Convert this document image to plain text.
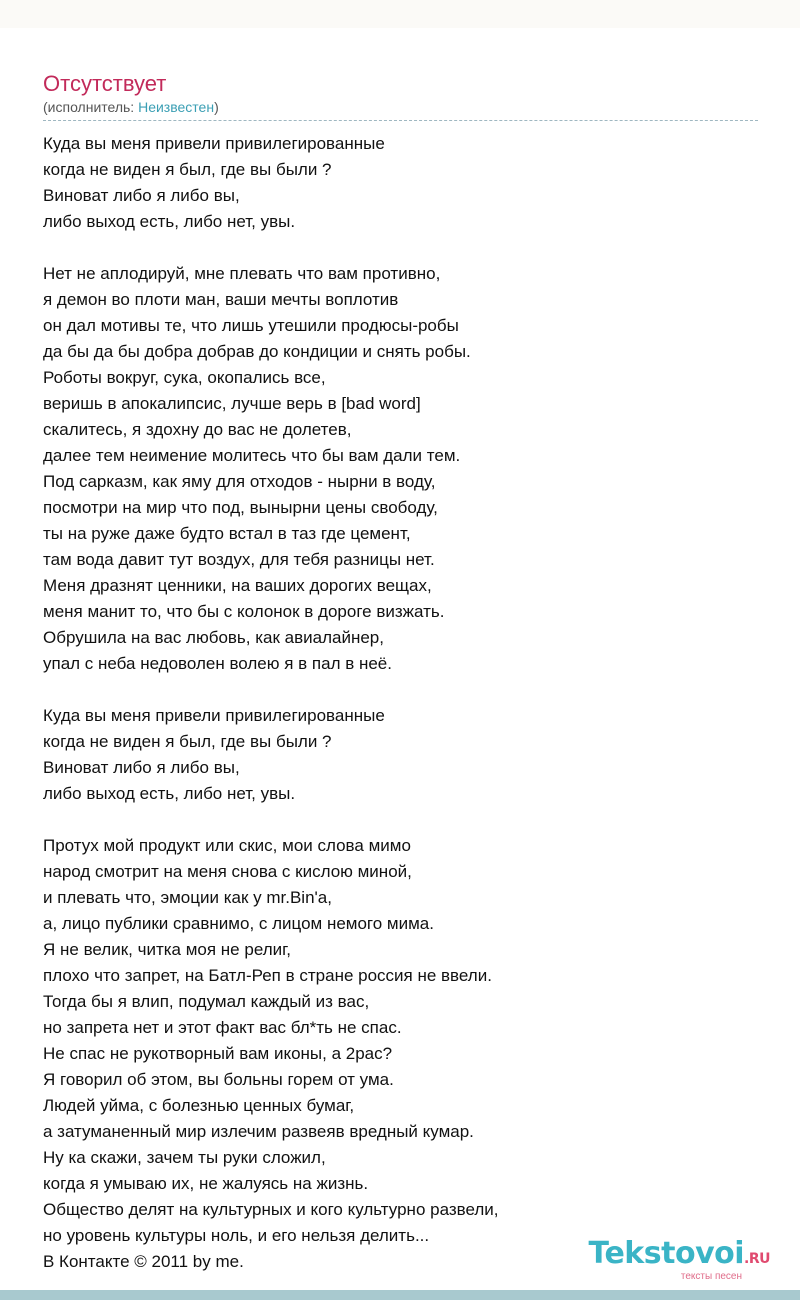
Отсутствует
(исполнитель: Неизвестен)
Куда вы меня привели привилегированные
когда не виден я был, где вы были ?
Виноват либо я либо вы,
либо выход есть, либо нет, увы.
Нет не аплодируй, мне плевать что вам противно,
я демон во плоти ман, ваши мечты воплотив
он дал мотивы те, что лишь утешили продюсы-робы
да бы да бы добра добрав до кондиции и снять робы.
Роботы вокруг, сука, окопались все,
веришь в апокалипсис, лучше верь в [bad word]
скалитесь, я здохну до вас не долетев,
далее тем неимение молитесь что бы вам дали тем.
Под сарказм, как яму для отходов - нырни в воду,
посмотри на мир что под, вынырни цены свободу,
ты на руже даже будто встал в таз где цемент,
там вода давит тут воздух, для тебя разницы нет.
Меня дразнят ценники, на ваших дорогих вещах,
меня манит то, что бы с колонок в дороге визжать.
Обрушила на вас любовь, как авиалайнер,
упал с неба недоволен волею я в пал в неё.
Куда вы меня привели привилегированные
когда не виден я был, где вы были ?
Виноват либо я либо вы,
либо выход есть, либо нет, увы.
Протух мой продукт или скис, мои слова мимо
народ смотрит на меня снова с кислою миной,
и плевать что, эмоции как у mr.Bin'a,
а, лицо публики сравнимо, с лицом немого мима.
Я не велик, читка моя не религ,
плохо что запрет, на Батл-Реп в стране россия не ввели.
Тогда бы я влип, подумал каждый из вас,
но запрета нет и этот факт вас бл*ть не спас.
Не спас не рукотворный вам иконы, а 2рас?
Я говорил об этом, вы больны горем от ума.
Людей уйма, с болезнью ценных бумаг,
а затуманенный мир излечим развеяв вредный кумар.
Ну ка скажи, зачем ты руки сложил,
когда я умываю их, не жалуясь на жизнь.
Общество делят на культурных и кого культурно развели,
но уровень культуры ноль, и его нельзя делить...
В Контакте © 2011 by me.	Tekstovoi.RU
тексты песен
